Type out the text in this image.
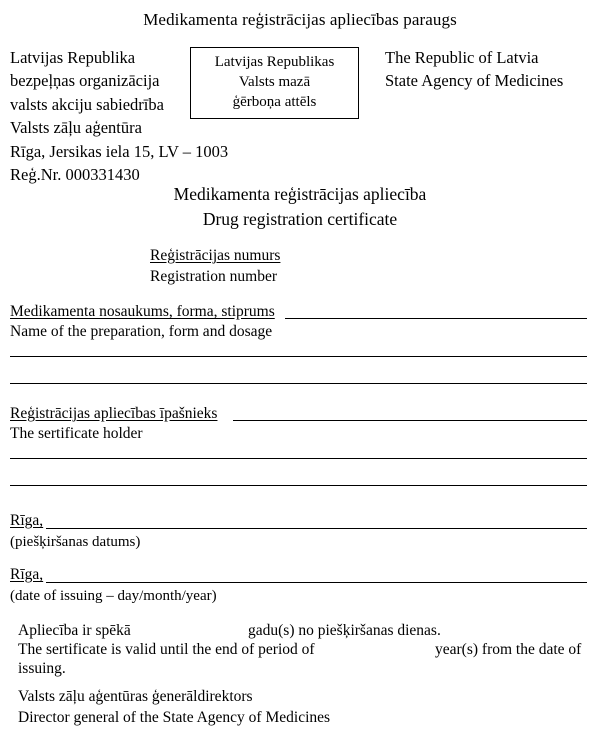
Medikamenta reģistrācijas apliecības paraugs
Latvijas Republika
bezpeļņas organizācija
valsts akciju sabiedrība
Valsts zāļu aģentūra
Rīga, Jersikas iela 15, LV – 1003
Reģ.Nr. 000331430
Latvijas Republikas
Valsts mazā
ģērboņa attēls
The Republic of Latvia
State Agency of Medicines
Medikamenta reģistrācijas apliecība
Drug registration certificate
Reģistrācijas numurs
Registration number
Medikamenta nosaukums, forma, stiprums
Name of the preparation, form and dosage
Reģistrācijas apliecības īpašnieks
The sertificate holder
Rīga,
(piešķiršanas datums)
Rīga,
(date of issuing – day/month/year)
Apliecība ir spēkā	gadu(s) no piešķiršanas dienas.
The sertificate is valid until the end of period of	year(s) from the date of
issuing.
Valsts zāļu aģentūras ģenerāldirektors
Director general of the State Agency of Medicines
